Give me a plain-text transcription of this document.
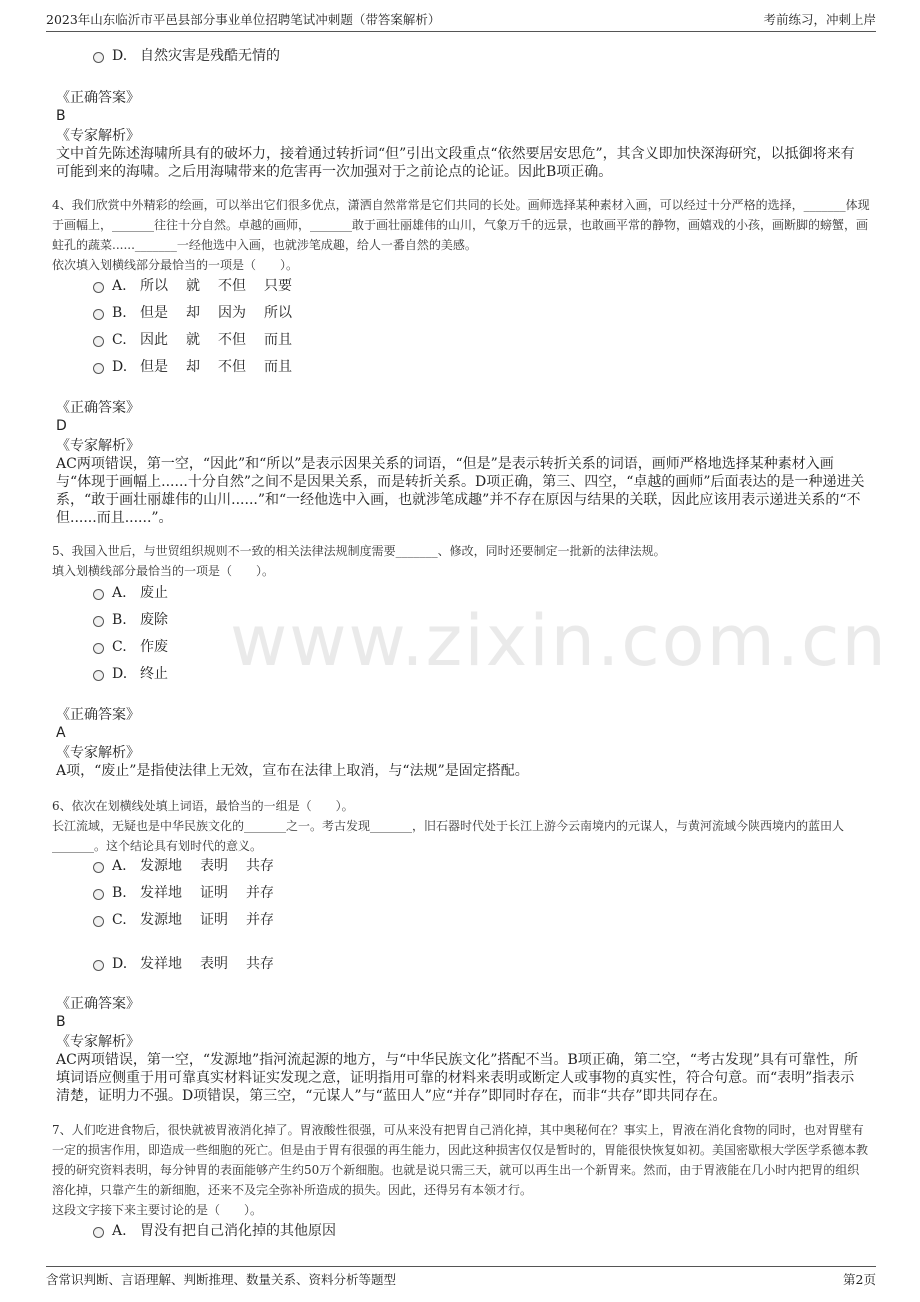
2023年山东临沂市平邑县部分事业单位招聘笔试冲刺题（带答案解析）	考前练习，冲刺上岸
www.zixin.com.cn
D. 自然灾害是残酷无情的
《正确答案》
B
《专家解析》
文中首先陈述海啸所具有的破坏力，接着通过转折词“但”引出文段重点“依然要居安思危”，其含义即加快深海研究，以抵御将来有可能到来的海啸。之后用海啸带来的危害再一次加强对于之前论点的论证。因此B项正确。
4、我们欣赏中外精彩的绘画，可以举出它们很多优点，潇洒自然常常是它们共同的长处。画师选择某种素材入画，可以经过十分严格的选择，_______体现于画幅上，_______往往十分自然。卓越的画师，_______敢于画壮丽雄伟的山川，气象万千的远景，也敢画平常的静物，画嬉戏的小孩，画断脚的螃蟹，画蛀孔的蔬菜......_______一经他选中入画，也就涉笔成趣，给人一番自然的美感。
依次填入划横线部分最恰当的一项是（　　）。
A. 所以 就 不但 只要
B. 但是 却 因为 所以
C. 因此 就 不但 而且
D. 但是 却 不但 而且
《正确答案》
D
《专家解析》
AC两项错误，第一空，“因此”和“所以”是表示因果关系的词语，“但是”是表示转折关系的词语，画师严格地选择某种素材入画与“体现于画幅上......十分自然”之间不是因果关系，而是转折关系。D项正确，第三、四空，“卓越的画师”后面表达的是一种递进关系，“敢于画壮丽雄伟的山川......”和“一经他选中入画，也就涉笔成趣”并不存在原因与结果的关联，因此应该用表示递进关系的“不但......而且......”。
5、我国入世后，与世贸组织规则不一致的相关法律法规制度需要_______、修改，同时还要制定一批新的法律法规。
填入划横线部分最恰当的一项是（　　）。
A. 废止
B. 废除
C. 作废
D. 终止
《正确答案》
A
《专家解析》
A项，“废止”是指使法律上无效，宣布在法律上取消，与“法规”是固定搭配。
6、依次在划横线处填上词语，最恰当的一组是（　　）。
长江流域，无疑也是中华民族文化的_______之一。考古发现_______，旧石器时代处于长江上游今云南境内的元谋人，与黄河流域今陕西境内的蓝田人_______。这个结论具有划时代的意义。
A. 发源地 表明 共存
B. 发祥地 证明 并存
C. 发源地 证明 并存
D. 发祥地 表明 共存
《正确答案》
B
《专家解析》
AC两项错误，第一空，“发源地”指河流起源的地方，与“中华民族文化”搭配不当。B项正确，第二空，“考古发现”具有可靠性，所填词语应侧重于用可靠真实材料证实发现之意，证明指用可靠的材料来表明或断定人或事物的真实性，符合句意。而“表明”指表示清楚，证明力不强。D项错误，第三空，“元谋人”与“蓝田人”应“并存”即同时存在，而非“共存”即共同存在。
7、人们吃进食物后，很快就被胃液消化掉了。胃液酸性很强，可从来没有把胃自己消化掉，其中奥秘何在？事实上，胃液在消化食物的同时，也对胃壁有一定的损害作用，即造成一些细胞的死亡。但是由于胃有很强的再生能力，因此这种损害仅仅是暂时的，胃能很快恢复如初。美国密歇根大学医学系德本教授的研究资料表明，每分钟胃的表面能够产生约50万个新细胞。也就是说只需三天，就可以再生出一个新胃来。然而，由于胃液能在几小时内把胃的组织溶化掉，只靠产生的新细胞，还来不及完全弥补所造成的损失。因此，还得另有本领才行。
这段文字接下来主要讨论的是（　　）。
A. 胃没有把自己消化掉的其他原因
含常识判断、言语理解、判断推理、数量关系、资料分析等题型	第2页
